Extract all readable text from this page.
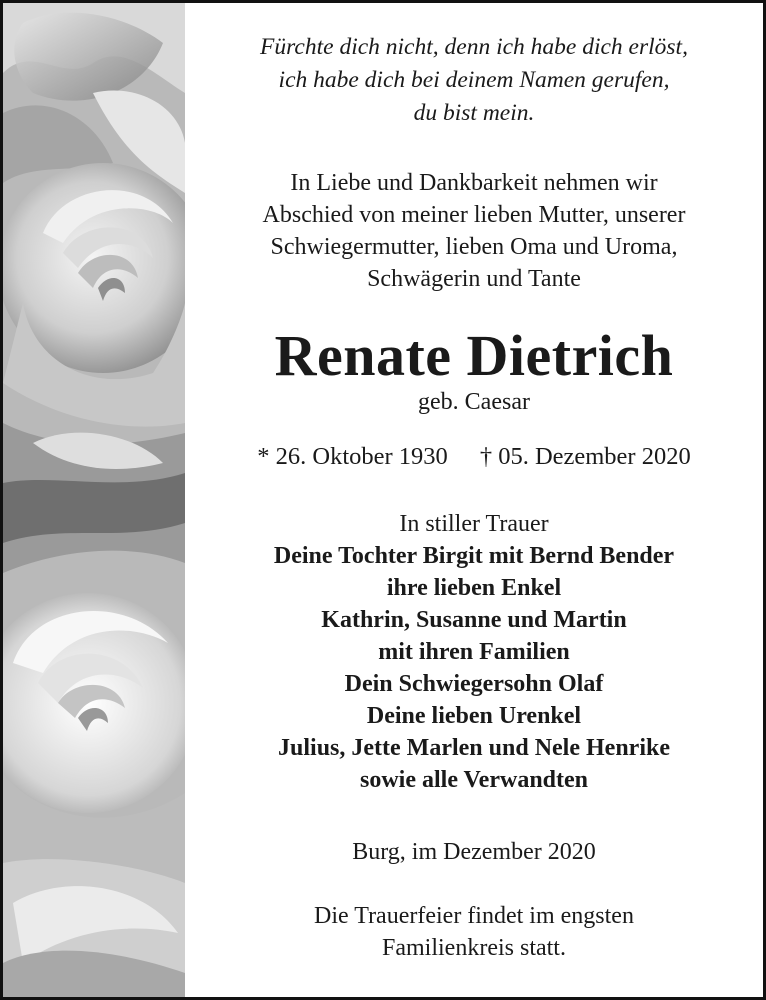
Fürchte dich nicht, denn ich habe dich erlöst,
ich habe dich bei deinem Namen gerufen,
du bist mein.
In Liebe und Dankbarkeit nehmen wir
Abschied von meiner lieben Mutter, unserer
Schwiegermutter, lieben Oma und Uroma,
Schwägerin und Tante
Renate Dietrich
geb. Caesar
* 26. Oktober 1930 † 05. Dezember 2020
In stiller Trauer
Deine Tochter Birgit mit Bernd Bender
ihre lieben Enkel
Kathrin, Susanne und Martin
mit ihren Familien
Dein Schwiegersohn Olaf
Deine lieben Urenkel
Julius, Jette Marlen und Nele Henrike
sowie alle Verwandten
Burg, im Dezember 2020
Die Trauerfeier findet im engsten
Familienkreis statt.
